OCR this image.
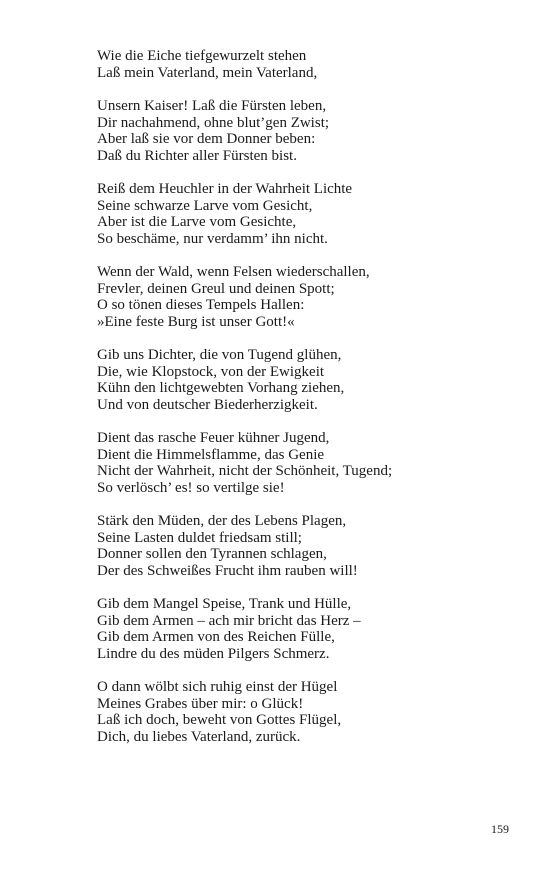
Wie die Eiche tiefgewurzelt stehen
Laß mein Vaterland, mein Vaterland,
Unsern Kaiser! Laß die Fürsten leben,
Dir nachahmend, ohne blut’gen Zwist;
Aber laß sie vor dem Donner beben:
Daß du Richter aller Fürsten bist.
Reiß dem Heuchler in der Wahrheit Lichte
Seine schwarze Larve vom Gesicht,
Aber ist die Larve vom Gesichte,
So beschäme, nur verdamm’ ihn nicht.
Wenn der Wald, wenn Felsen wiederschallen,
Frevler, deinen Greul und deinen Spott;
O so tönen dieses Tempels Hallen:
»Eine feste Burg ist unser Gott!«
Gib uns Dichter, die von Tugend glühen,
Die, wie Klopstock, von der Ewigkeit
Kühn den lichtgewebten Vorhang ziehen,
Und von deutscher Biederherzigkeit.
Dient das rasche Feuer kühner Jugend,
Dient die Himmelsflamme, das Genie
Nicht der Wahrheit, nicht der Schönheit, Tugend;
So verlösch’ es! so vertilge sie!
Stärk den Müden, der des Lebens Plagen,
Seine Lasten duldet friedsam still;
Donner sollen den Tyrannen schlagen,
Der des Schweißes Frucht ihm rauben will!
Gib dem Mangel Speise, Trank und Hülle,
Gib dem Armen – ach mir bricht das Herz –
Gib dem Armen von des Reichen Fülle,
Lindre du des müden Pilgers Schmerz.
O dann wölbt sich ruhig einst der Hügel
Meines Grabes über mir: o Glück!
Laß ich doch, beweht von Gottes Flügel,
Dich, du liebes Vaterland, zurück.
159
